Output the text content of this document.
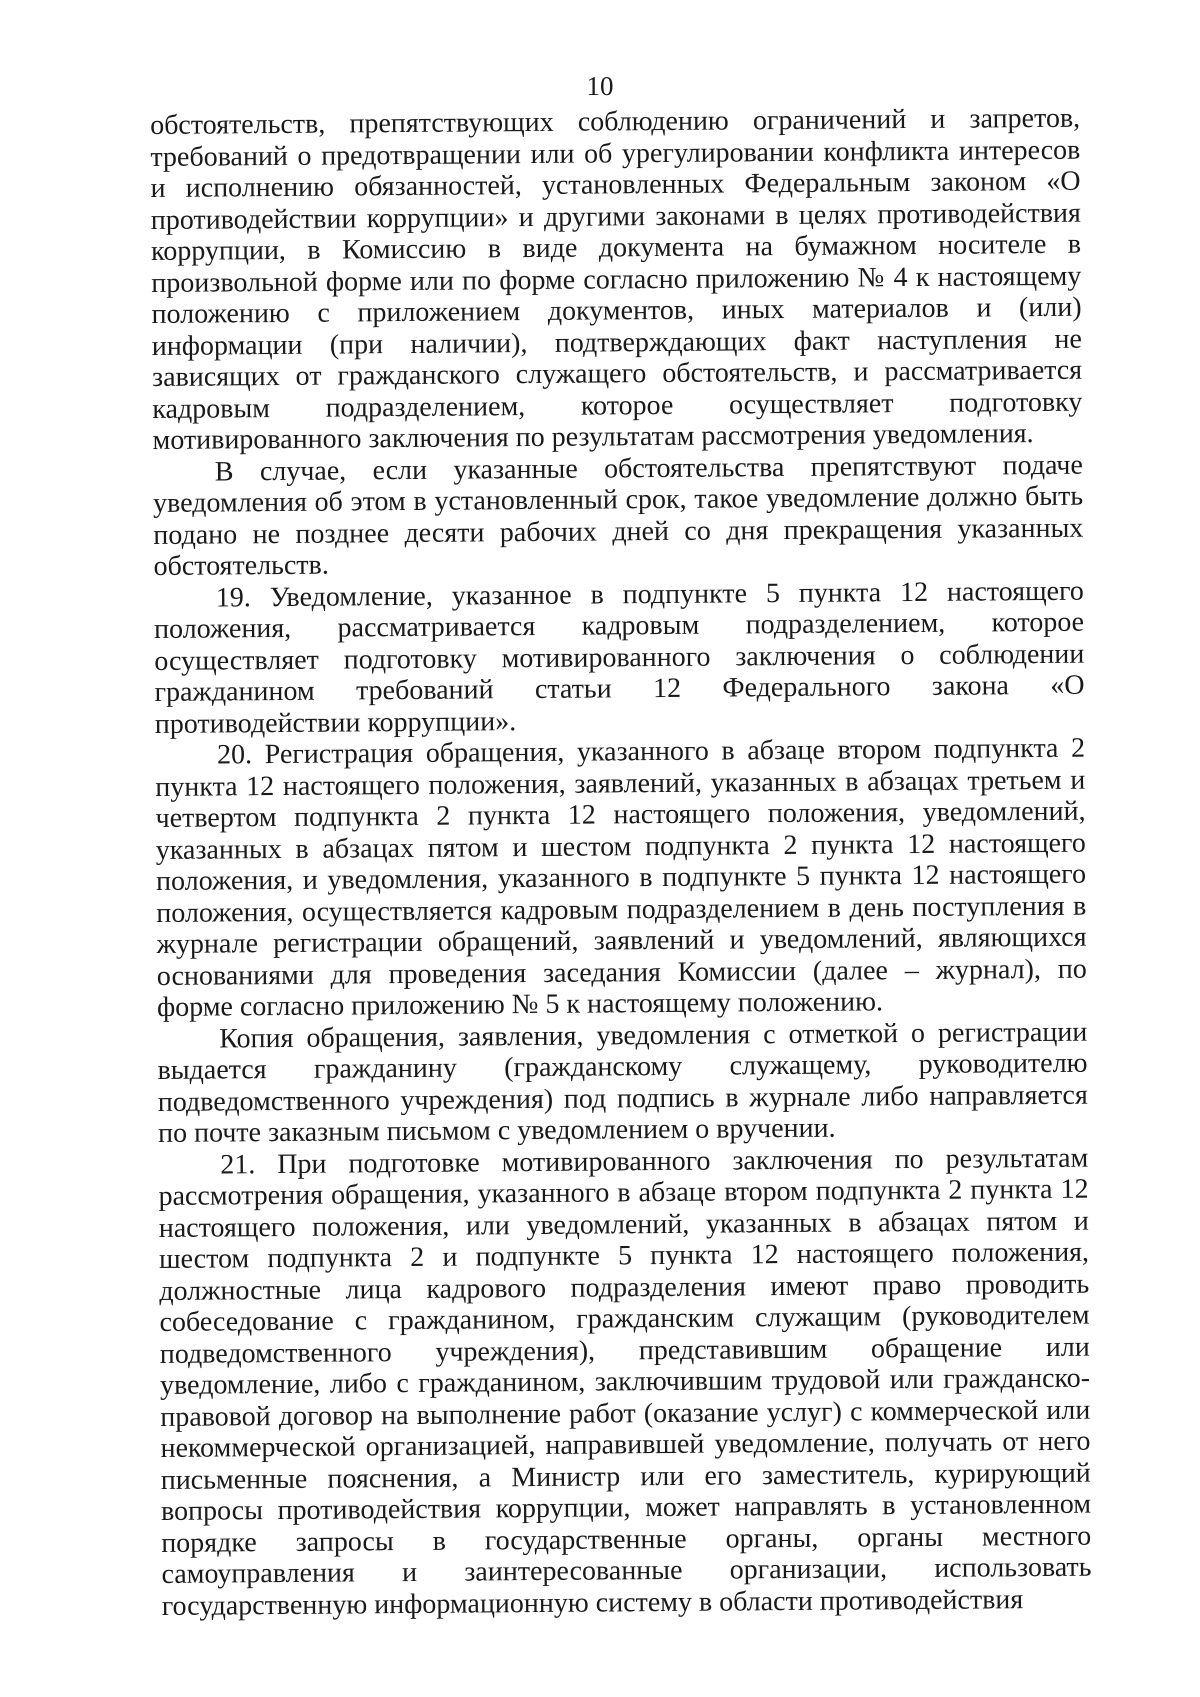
10

обстоятельств, препятствующих соблюдению ограничений и запретов, требований о предотвращении или об урегулировании конфликта интересов и исполнению обязанностей, установленных Федеральным законом «О противодействии коррупции» и другими законами в целях противодействия коррупции, в Комиссию в виде документа на бумажном носителе в произвольной форме или по форме согласно приложению № 4 к настоящему положению с приложением документов, иных материалов и (или) информации (при наличии), подтверждающих факт наступления не зависящих от гражданского служащего обстоятельств, и рассматривается кадровым подразделением, которое осуществляет подготовку мотивированного заключения по результатам рассмотрения уведомления.

В случае, если указанные обстоятельства препятствуют подаче уведомления об этом в установленный срок, такое уведомление должно быть подано не позднее десяти рабочих дней со дня прекращения указанных обстоятельств.

19. Уведомление, указанное в подпункте 5 пункта 12 настоящего положения, рассматривается кадровым подразделением, которое осуществляет подготовку мотивированного заключения о соблюдении гражданином требований статьи 12 Федерального закона «О противодействии коррупции».

20. Регистрация обращения, указанного в абзаце втором подпункта 2 пункта 12 настоящего положения, заявлений, указанных в абзацах третьем и четвертом подпункта 2 пункта 12 настоящего положения, уведомлений, указанных в абзацах пятом и шестом подпункта 2 пункта 12 настоящего положения, и уведомления, указанного в подпункте 5 пункта 12 настоящего положения, осуществляется кадровым подразделением в день поступления в журнале регистрации обращений, заявлений и уведомлений, являющихся основаниями для проведения заседания Комиссии (далее – журнал), по форме согласно приложению № 5 к настоящему положению.

Копия обращения, заявления, уведомления с отметкой о регистрации выдается гражданину (гражданскому служащему, руководителю подведомственного учреждения) под подпись в журнале либо направляется по почте заказным письмом с уведомлением о вручении.

21. При подготовке мотивированного заключения по результатам рассмотрения обращения, указанного в абзаце втором подпункта 2 пункта 12 настоящего положения, или уведомлений, указанных в абзацах пятом и шестом подпункта 2 и подпункте 5 пункта 12 настоящего положения, должностные лица кадрового подразделения имеют право проводить собеседование с гражданином, гражданским служащим (руководителем подведомственного учреждения), представившим обращение или уведомление, либо с гражданином, заключившим трудовой или гражданско-правовой договор на выполнение работ (оказание услуг) с коммерческой или некоммерческой организацией, направившей уведомление, получать от него письменные пояснения, а Министр или его заместитель, курирующий вопросы противодействия коррупции, может направлять в установленном порядке запросы в государственные органы, органы местного самоуправления и заинтересованные организации, использовать государственную информационную систему в области противодействия
